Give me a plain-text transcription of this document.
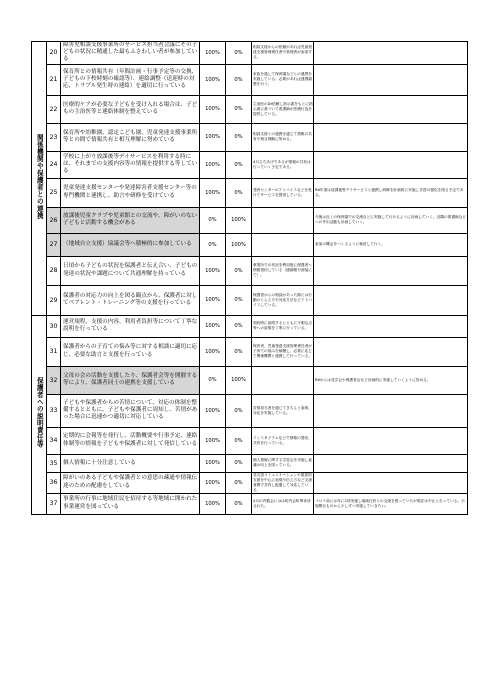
関係機関や保護者との連携	20	障害児相談支援事業所のサービス担当者会議にその子どもの状況に精通した最もふさわしい者が参加している	100%	0%	相談支援からの依頼があれば児童発達支援管理責任者や管理者が参加する。	
	21	保育所との情報共有（年間計画・行事予定等の交換、子どもの下校時刻の確認等）、連絡調整（送迎時の対応、トラブル発生時の連絡）を適切に行っている	100%	0%	家族を通して保育園などとの連携を実施している。必要があれば連携調整を行う。	
	22	医療的ケアが必要な子どもを受け入れる場合は、子どもの主治医等と連絡体制を整えている	100%	0%	主治医のDr依頼し指示書をもとに指示書に基づいて看護師が医療行為を提供している。	
	23	保育所や幼稚園、認定こども園、児童発達支援事業所等との間で情報共有と相互理解に努めている	100%	0%	相談支援との連携を通じて情報の共有や相互理解に努める。	
	24	学校に上がり放課後等デイサービスを利用する時には、それまでの支援内容等の情報を提供する等している	100%	0%	4月立ちあげであるが情報の共有は行っていく予定である。	
	25	児童発達支援センターや発達障害者支援センター等の専門機関と連携し、助言や研修を受けている	100%	0%	発育センターのアドバイスなどを受けてサービスを提供している。	R6年度は放課後等デイサービスと連携し研修を計画的に実施し学習の強化を図る予定である。
	26	放課後児童クラブや児童館との交流や、障がいのない子どもと活動する機会がある	0%	100%		今後は近くの保育園での交流などに実施して行けるように計画していく。近隣の図書館などへの外出活動も計画していく。
	27	（地域自立支援）協議会等へ積極的に参加している	0%	100%		参加の機会をつくるように検討して行く。
	28	日頃から子どもの状況を保護者と伝え合い、子どもの発達の状況や課題について共通理解を持っている	100%	0%	事業所での状況を利用後に保護者へ情報発信している（連絡帳や面接にて）。	
	29	保護者の対応力の向上を図る観点から、保護者に対してペアレント・トレーニング等の支援を行っている	100%	0%	保護者からの相談があった際には行動のとらえ方や対応方法などアドバイスしている。	
保護者への説明責任等	30	運営規程、支援の内容、利用者負担等について丁寧な説明を行っている	100%	0%	契約時に説明するとともに不明な点等への説明を丁寧に行っている。	
	31	保護者からの子育ての悩み等に対する相談に適切に応じ、必要な助言と支援を行っている	100%	0%	保育者、児童発達支援管理責任者が子育ての悩みを傾聴し、必要に応じて関係機関と連携して行っている。	
	32	父母の会の活動を支援したり、保護者会等を開催する等により、保護者同士の連携を支援している	0%	100%		R6からは見学会や保護者会など計画的に実施していくように努める。
	33	子どもや保護者からの苦情について、対応の体制を整備するとともに、子どもや保護者に周知し、苦情があった場合に迅速かつ適切に対応している	100%	0%	苦情担当者を通じてきちんと説明、対応を実施している。	
	34	定期的に会報等を発行し、活動概要や行事予定、連絡体制等の情報を子どもや保護者に対して発信している	100%	0%	インスタグラムなどで情報の発信、共有を行っている。	
	35	個人情報に十分注意している	100%	0%	個人情報に関する学習会を実施し意識の向上を図っている。	
	36	障がいのある子どもや保護者との意思の疎通や情報伝達のための配慮をしている	100%	0%	非言語コミュニケーションや視覚的支援を中心に表現や伝え方など支援者間で共有し配慮して対応している。	
	37	事業所の行事に地域住民を招待する等地域に開かれた事業運営を図っている	100%	0%	4月の内覧会にはは町内会町華来所された。	コロナ前には年に2回実施し地域住民との交流を図っていたが現在は中止となっている。小規模なものから少しずつ実施していきたい。
